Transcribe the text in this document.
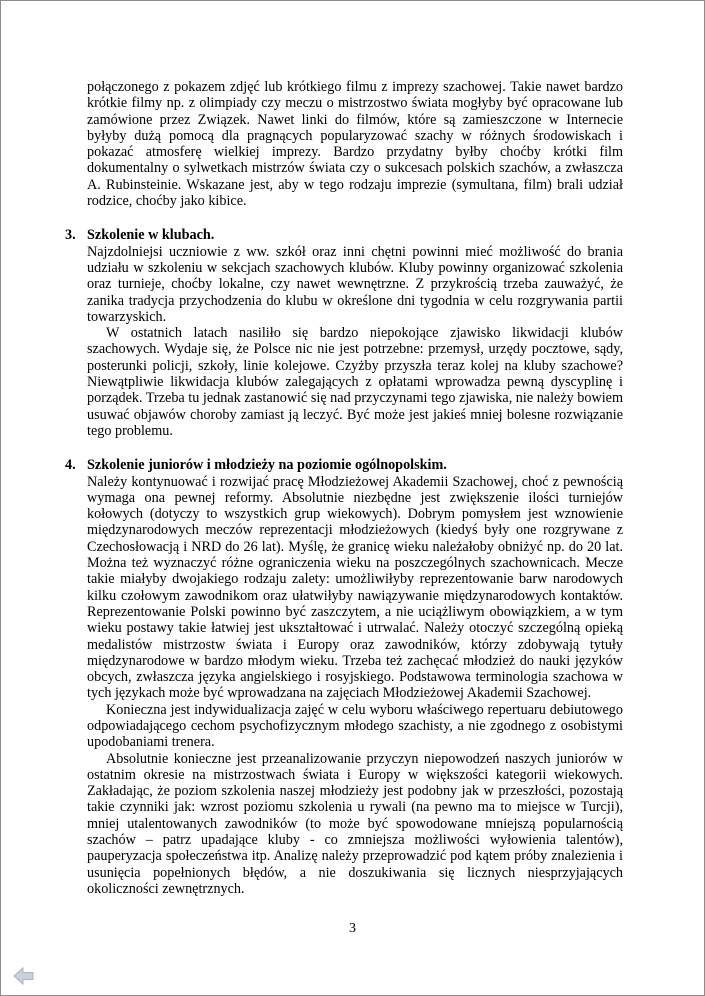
połączonego z pokazem zdjęć lub krótkiego filmu z imprezy szachowej. Takie nawet bardzo krótkie filmy np. z olimpiady czy meczu o mistrzostwo świata mogłyby być opracowane lub zamówione przez Związek. Nawet linki do filmów, które są zamieszczone w Internecie byłyby dużą pomocą dla pragnących popularyzować szachy w różnych środowiskach i pokazać atmosferę wielkiej imprezy. Bardzo przydatny byłby choćby krótki film dokumentalny o sylwetkach mistrzów świata czy o sukcesach polskich szachów, a zwłaszcza A. Rubinsteinie. Wskazane jest, aby w tego rodzaju imprezie (symultana, film) brali udział rodzice, choćby jako kibice.

3. Szkolenie w klubach.

Najzdolniejsi uczniowie z ww. szkół oraz inni chętni powinni mieć możliwość do brania udziału w szkoleniu w sekcjach szachowych klubów. Kluby powinny organizować szkolenia oraz turnieje, choćby lokalne, czy nawet wewnętrzne. Z przykrością trzeba zauważyć, że zanika tradycja przychodzenia do klubu w określone dni tygodnia w celu rozgrywania partii towarzyskich.

W ostatnich latach nasiliło się bardzo niepokojące zjawisko likwidacji klubów szachowych. Wydaje się, że Polsce nic nie jest potrzebne: przemysł, urzędy pocztowe, sądy, posterunki policji, szkoły, linie kolejowe. Czyżby przyszła teraz kolej na kluby szachowe? Niewątpliwie likwidacja klubów zalegających z opłatami wprowadza pewną dyscyplinę i porządek. Trzeba tu jednak zastanowić się nad przyczynami tego zjawiska, nie należy bowiem usuwać objawów choroby zamiast ją leczyć. Być może jest jakieś mniej bolesne rozwiązanie tego problemu.

4. Szkolenie juniorów i młodzieży na poziomie ogólnopolskim.

Należy kontynuować i rozwijać pracę Młodzieżowej Akademii Szachowej, choć z pewnością wymaga ona pewnej reformy. Absolutnie niezbędne jest zwiększenie ilości turniejów kołowych (dotyczy to wszystkich grup wiekowych). Dobrym pomysłem jest wznowienie międzynarodowych meczów reprezentacji młodzieżowych (kiedyś były one rozgrywane z Czechosłowacją i NRD do 26 lat). Myślę, że granicę wieku należałoby obniżyć np. do 20 lat. Można też wyznaczyć różne ograniczenia wieku na poszczególnych szachownicach. Mecze takie miałyby dwojakiego rodzaju zalety: umożliwiłyby reprezentowanie barw narodowych kilku czołowym zawodnikom oraz ułatwiłyby nawiązywanie międzynarodowych kontaktów. Reprezentowanie Polski powinno być zaszczytem, a nie uciążliwym obowiązkiem, a w tym wieku postawy takie łatwiej jest ukształtować i utrwalać. Należy otoczyć szczególną opieką medalistów mistrzostw świata i Europy oraz zawodników, którzy zdobywają tytuły międzynarodowe w bardzo młodym wieku. Trzeba też zachęcać młodzież do nauki języków obcych, zwłaszcza języka angielskiego i rosyjskiego. Podstawowa terminologia szachowa w tych językach może być wprowadzana na zajęciach Młodzieżowej Akademii Szachowej.

Konieczna jest indywidualizacja zajęć w celu wyboru właściwego repertuaru debiutowego odpowiadającego cechom psychofizycznym młodego szachisty, a nie zgodnego z osobistymi upodobaniami trenera.

Absolutnie konieczne jest przeanalizowanie przyczyn niepowodzeń naszych juniorów w ostatnim okresie na mistrzostwach świata i Europy w większości kategorii wiekowych. Zakładając, że poziom szkolenia naszej młodzieży jest podobny jak w przeszłości, pozostają takie czynniki jak: wzrost poziomu szkolenia u rywali (na pewno ma to miejsce w Turcji), mniej utalentowanych zawodników (to może być spowodowane mniejszą popularnością szachów – patrz upadające kluby - co zmniejsza możliwości wyłowienia talentów), pauperyzacja społeczeństwa itp. Analizę należy przeprowadzić pod kątem próby znalezienia i usunięcia popełnionych błędów, a nie doszukiwania się licznych niesprzyjających okoliczności zewnętrznych.

3
